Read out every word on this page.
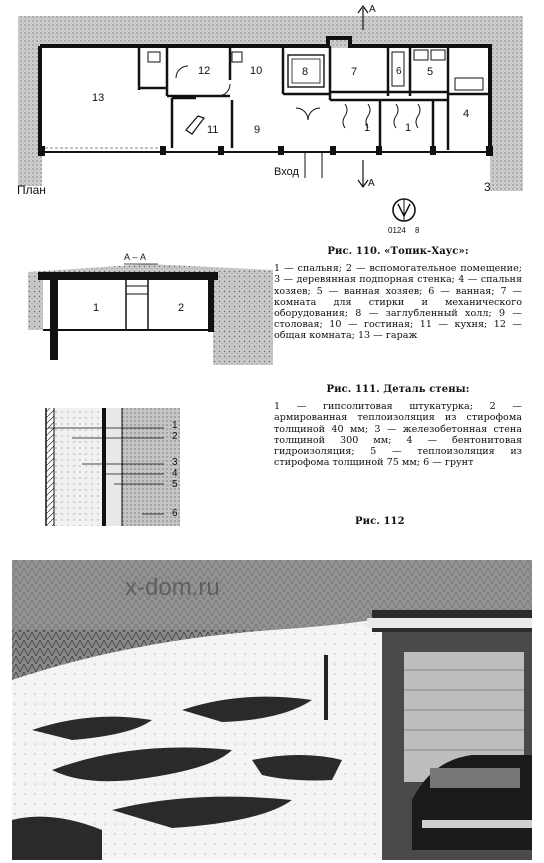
A
A
Вход
3
План
13
12	10	8	7	6 5
11	9	1	1
4
0124 8
А – А
1	2
Рис. 110. «Топик-Хаус»:
1 — спальня; 2 — вспомогательное помещение; 3 — деревянная подпорная стенка; 4 — спальня хозяев; 5 — ванная хозяев; 6 — ванная; 7 — комната для стирки и механического оборудования; 8 — заглубленный холл; 9 — столовая; 10 — гостиная; 11 — кухня; 12 — общая комната; 13 — гараж
1
2
3
4
5
6
Рис. 111. Деталь стены:
1 — гипсолитовая штукатурка; 2 — армированная теплоизоляция из стирофома толщиной 40 мм; 3 — железобетонная стена толщиной 300 мм; 4 — бентонитовая гидроизоляция; 5 — теплоизоляция из стирофома толщиной 75 мм; 6 — грунт
Рис. 112
x-dom.ru
